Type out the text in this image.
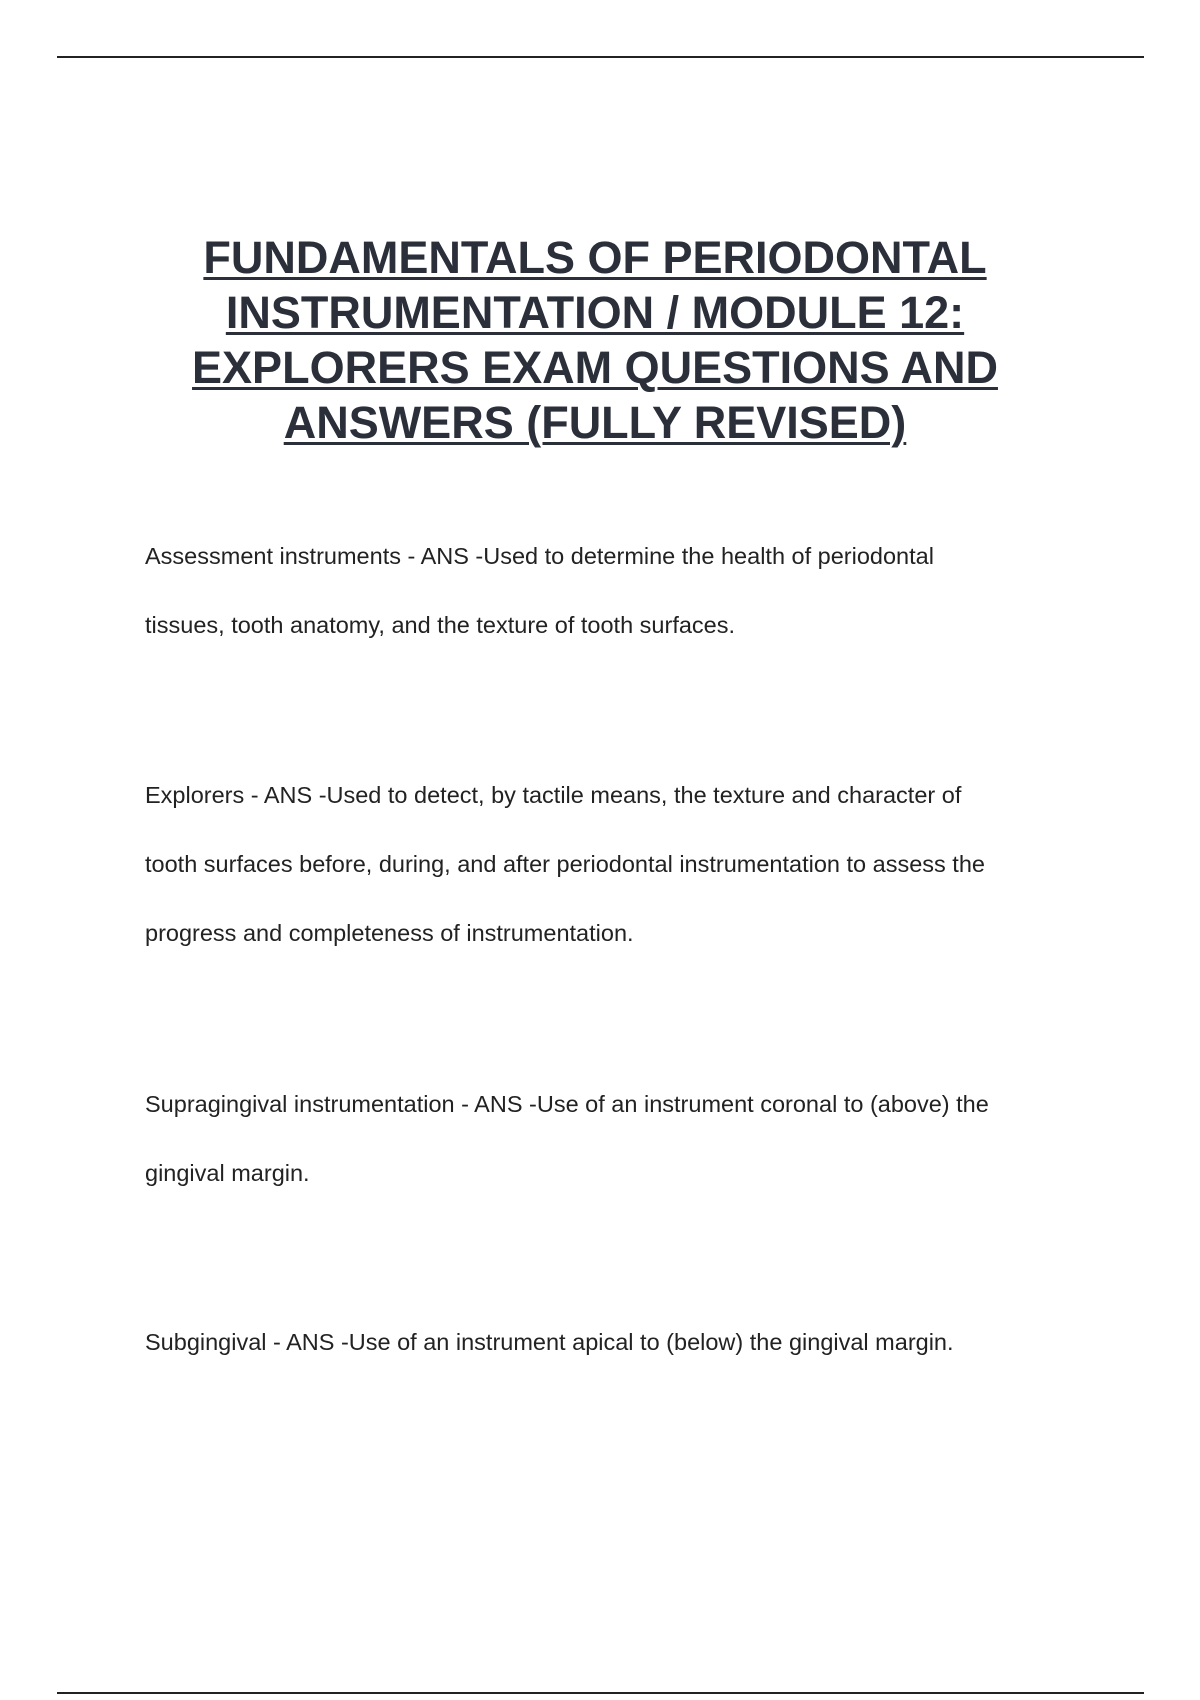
FUNDAMENTALS OF PERIODONTAL
INSTRUMENTATION / MODULE 12:
EXPLORERS EXAM QUESTIONS AND
ANSWERS (FULLY REVISED)

Assessment instruments - ANS -Used to determine the health of periodontal
tissues, tooth anatomy, and the texture of tooth surfaces.

Explorers - ANS -Used to detect, by tactile means, the texture and character of
tooth surfaces before, during, and after periodontal instrumentation to assess the
progress and completeness of instrumentation.

Supragingival instrumentation - ANS -Use of an instrument coronal to (above) the
gingival margin.

Subgingival - ANS -Use of an instrument apical to (below) the gingival margin.
